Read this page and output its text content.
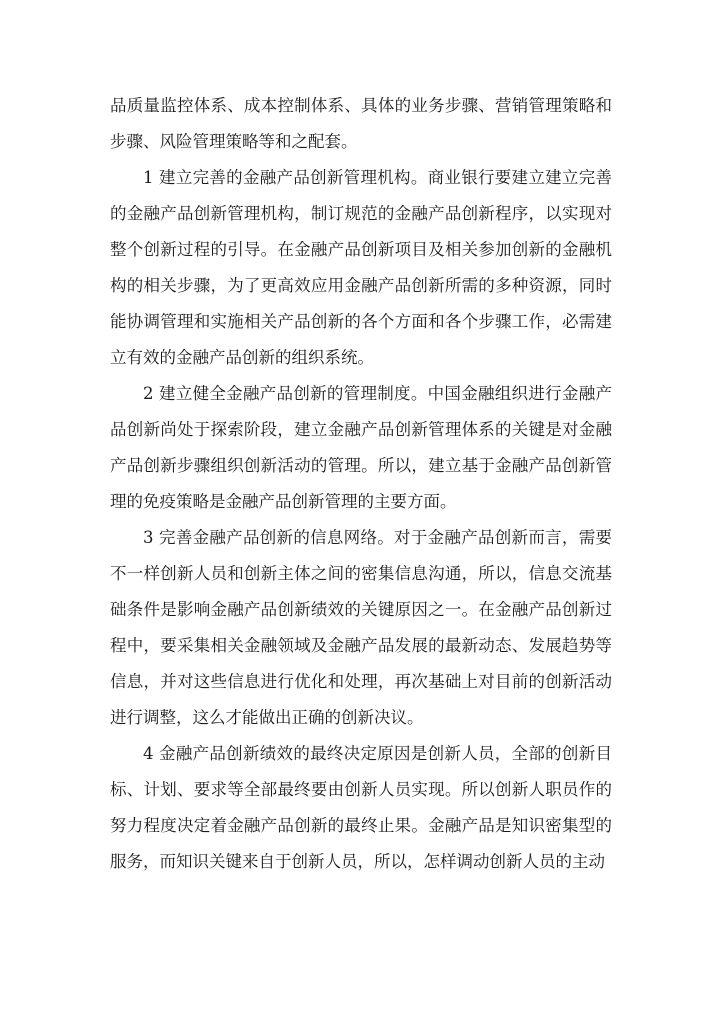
品质量监控体系、成本控制体系、具体的业务步骤、营销管理策略和步骤、风险管理策略等和之配套。

1 建立完善的金融产品创新管理机构。商业银行要建立建立完善的金融产品创新管理机构，制订规范的金融产品创新程序，以实现对整个创新过程的引导。在金融产品创新项目及相关参加创新的金融机构的相关步骤，为了更高效应用金融产品创新所需的多种资源，同时能协调管理和实施相关产品创新的各个方面和各个步骤工作，必需建立有效的金融产品创新的组织系统。

2 建立健全金融产品创新的管理制度。中国金融组织进行金融产品创新尚处于探索阶段，建立金融产品创新管理体系的关键是对金融产品创新步骤组织创新活动的管理。所以，建立基于金融产品创新管理的免疫策略是金融产品创新管理的主要方面。

3 完善金融产品创新的信息网络。对于金融产品创新而言，需要不一样创新人员和创新主体之间的密集信息沟通，所以，信息交流基础条件是影响金融产品创新绩效的关键原因之一。在金融产品创新过程中，要采集相关金融领域及金融产品发展的最新动态、发展趋势等信息，并对这些信息进行优化和处理，再次基础上对目前的创新活动进行调整，这么才能做出正确的创新决议。

4 金融产品创新绩效的最终决定原因是创新人员，全部的创新目标、计划、要求等全部最终要由创新人员实现。所以创新人职员作的努力程度决定着金融产品创新的最终止果。金融产品是知识密集型的服务，而知识关键来自于创新人员，所以，怎样调动创新人员的主动
